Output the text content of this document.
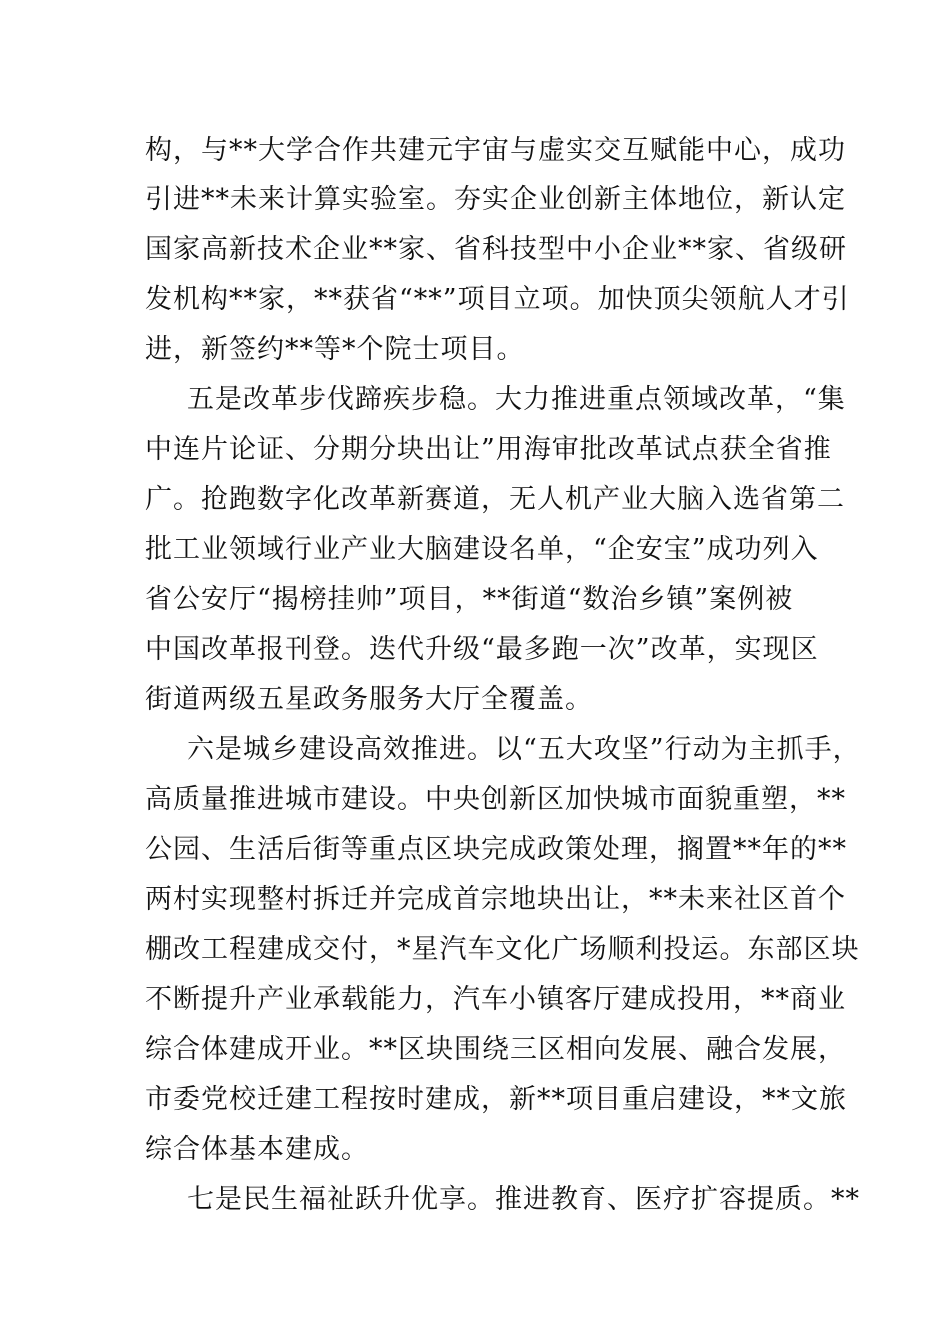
构，与**大学合作共建元宇宙与虚实交互赋能中心，成功
引进**未来计算实验室。夯实企业创新主体地位，新认定
国家高新技术企业**家、省科技型中小企业**家、省级研
发机构**家，**获省“**”项目立项。加快顶尖领航人才引
进，新签约**等*个院士项目。
五是改革步伐蹄疾步稳。大力推进重点领域改革，“集
中连片论证、分期分块出让”用海审批改革试点获全省推
广。抢跑数字化改革新赛道，无人机产业大脑入选省第二
批工业领域行业产业大脑建设名单，“企安宝”成功列入
省公安厅“揭榜挂帅”项目，**街道“数治乡镇”案例被
中国改革报刊登。迭代升级“最多跑一次”改革，实现区
街道两级五星政务服务大厅全覆盖。
六是城乡建设高效推进。以“五大攻坚”行动为主抓手，
高质量推进城市建设。中央创新区加快城市面貌重塑，**
公园、生活后街等重点区块完成政策处理，搁置**年的**
两村实现整村拆迁并完成首宗地块出让，**未来社区首个
棚改工程建成交付，*星汽车文化广场顺利投运。东部区块
不断提升产业承载能力，汽车小镇客厅建成投用，**商业
综合体建成开业。**区块围绕三区相向发展、融合发展，
市委党校迁建工程按时建成，新**项目重启建设，**文旅
综合体基本建成。
七是民生福祉跃升优享。推进教育、医疗扩容提质。**
